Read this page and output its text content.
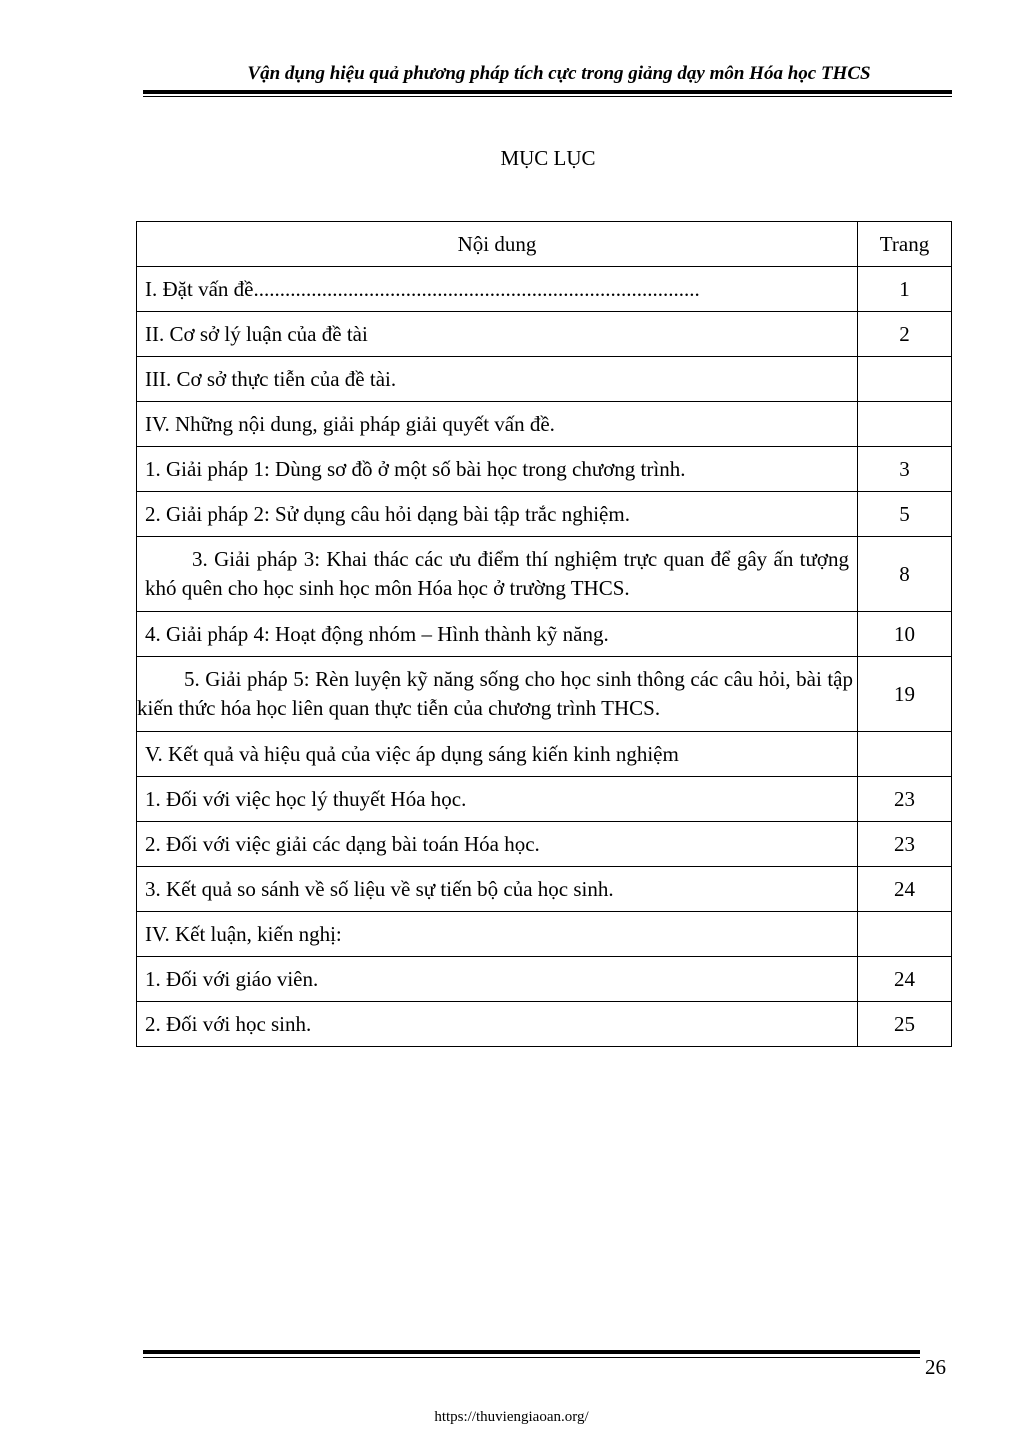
Vận dụng hiệu quả phương pháp tích cực trong giảng dạy môn Hóa học THCS
MỤC LỤC
Nội dung	Trang
I. Đặt vấn đề.....................................................................................	1
II. Cơ sở lý luận của đề tài	2
III. Cơ sở thực tiễn của đề tài.	
IV. Những nội dung, giải pháp giải quyết vấn đề.	
1. Giải pháp 1: Dùng sơ đồ ở một số bài học trong chương trình.	3
2. Giải pháp 2: Sử dụng câu hỏi dạng bài tập trắc nghiệm.	5
3. Giải pháp 3: Khai thác các ưu điểm thí nghiệm trực quan để gây ấn tượng khó quên cho học sinh học môn Hóa học ở trường THCS.	8
4. Giải pháp 4: Hoạt động nhóm – Hình thành kỹ năng.	10
5. Giải pháp 5: Rèn luyện kỹ năng sống cho học sinh thông các câu hỏi, bài tập kiến thức hóa học liên quan thực tiễn của chương trình THCS.	19
V. Kết quả và hiệu quả của việc áp dụng sáng kiến kinh nghiệm	
1. Đối với việc học lý thuyết Hóa học.	23
2. Đối với việc giải các dạng bài toán Hóa học.	23
3. Kết quả so sánh về số liệu về sự tiến bộ của học sinh.	24
IV. Kết luận, kiến nghị:	
1. Đối với giáo viên.	24
2. Đối với học sinh.	25
26
https://thuviengiaoan.org/
